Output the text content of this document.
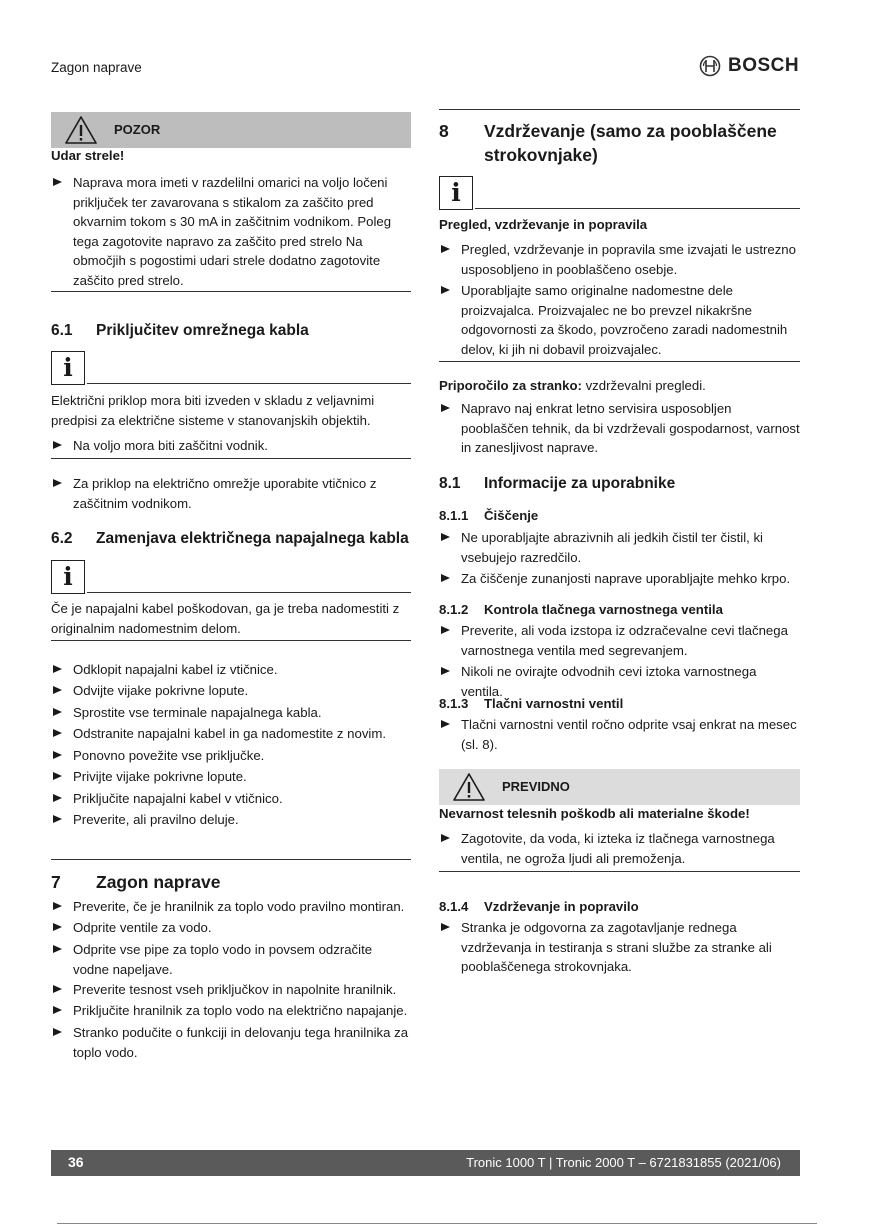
Zagon naprave	BOSCH
POZOR
Udar strele!
Naprava mora imeti v razdelilni omarici na voljo ločeni priključek ter zavarovana s stikalom za zaščito pred okvarnim tokom s 30 mA in zaščitnim vodnikom. Poleg tega zagotovite napravo za zaščito pred strelo Na območjih s pogostimi udari strele dodatno zagotovite zaščito pred strelo.
6.1	Priključitev omrežnega kabla
i
Električni priklop mora biti izveden v skladu z veljavnimi predpisi za električne sisteme v stanovanjskih objektih.
Na voljo mora biti zaščitni vodnik.
Za priklop na električno omrežje uporabite vtičnico z zaščitnim vodnikom.
6.2	Zamenjava električnega napajalnega kabla
i
Če je napajalni kabel poškodovan, ga je treba nadomestiti z originalnim nadomestnim delom.
Odklopit napajalni kabel iz vtičnice.
Odvijte vijake pokrivne lopute.
Sprostite vse terminale napajalnega kabla.
Odstranite napajalni kabel in ga nadomestite z novim.
Ponovno povežite vse priključke.
Privijte vijake pokrivne lopute.
Priključite napajalni kabel v vtičnico.
Preverite, ali pravilno deluje.
7	Zagon naprave
Preverite, če je hranilnik za toplo vodo pravilno montiran.
Odprite ventile za vodo.
Odprite vse pipe za toplo vodo in povsem odzračite vodne napeljave.
Preverite tesnost vseh priključkov in napolnite hranilnik.
Priključite hranilnik za toplo vodo na električno napajanje.
Stranko podučite o funkciji in delovanju tega hranilnika za toplo vodo.
8	Vzdrževanje (samo za pooblaščene
strokovnjake)
i
Pregled, vzdrževanje in popravila
Pregled, vzdrževanje in popravila sme izvajati le ustrezno usposobljeno in pooblaščeno osebje.
Uporabljajte samo originalne nadomestne dele proizvajalca. Proizvajalec ne bo prevzel nikakršne odgovornosti za škodo, povzročeno zaradi nadomestnih delov, ki jih ni dobavil proizvajalec.
Priporočilo za stranko: vzdrževalni pregledi.
Napravo naj enkrat letno servisira usposobljen pooblaščen tehnik, da bi vzdrževali gospodarnost, varnost in zanesljivost naprave.
8.1	Informacije za uporabnike
8.1.1	Čiščenje
Ne uporabljajte abrazivnih ali jedkih čistil ter čistil, ki vsebujejo razredčilo.
Za čiščenje zunanjosti naprave uporabljajte mehko krpo.
8.1.2	Kontrola tlačnega varnostnega ventila
Preverite, ali voda izstopa iz odzračevalne cevi tlačnega varnostnega ventila med segrevanjem.
Nikoli ne ovirajte odvodnih cevi iztoka varnostnega ventila.
8.1.3	Tlačni varnostni ventil
Tlačni varnostni ventil ročno odprite vsaj enkrat na mesec (sl. 8).
PREVIDNO
Nevarnost telesnih poškodb ali materialne škode!
Zagotovite, da voda, ki izteka iz tlačnega varnostnega ventila, ne ogroža ljudi ali premoženja.
8.1.4	Vzdrževanje in popravilo
Stranka je odgovorna za zagotavljanje rednega vzdrževanja in testiranja s strani službe za stranke ali pooblaščenega strokovnjaka.
36	Tronic 1000 T | Tronic 2000 T – 6721831855 (2021/06)
